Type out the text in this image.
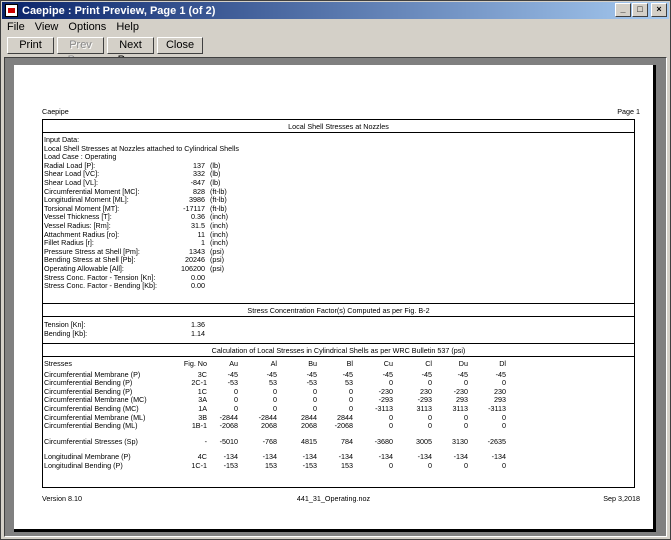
Caepipe : Print Preview, Page 1 (of 2)	_	□	×
File View Options Help
Print	Prev	Next	Close
Caepipe	Page 1
Local Shell Stresses at Nozzles
Input Data:
Local Shell Stresses at Nozzles attached to Cylindrical Shells
Load Case : Operating
Radial Load [P]:	137 (lb)
Shear Load [VC]:	332 (lb)
Shear Load [VL]:	-847 (lb)
Circumferential Moment [MC]:	828 (ft-lb)
Longitudinal Moment [ML]:	3986 (ft-lb)
Torsional Moment [MT]:	-17117 (ft-lb)
Vessel Thickness [T]:	0.36 (inch)
Vessel Radius: [Rm]:	31.5 (inch)
Attachment Radius [ro]:	11 (inch)
Fillet Radius [r]:	1 (inch)
Pressure Stress at Shell [Pm]:	1343 (psi)
Bending Stress at Shell [Pb]:	20246 (psi)
Operating Allowable [All]:	106200 (psi)
Stress Conc. Factor - Tension [Kn]:	0.00
Stress Conc. Factor - Bending [Kb]:	0.00
Stress Concentration Factor(s) Computed as per Fig. B-2
Tension [Kn]:	1.36
Bending [Kb]:	1.14
Calculation of Local Stresses in Cylindrical Shells as per WRC Bulletin 537 (psi)
Stresses	Fig. No	Au	Al	Bu	Bl	Cu	Cl	Du	Dl
Circumferential Membrane (P)	3C	-45	-45	-45	-45	-45	-45	-45	-45
Circumferential Bending (P)	2C-1	-53	53	-53	53	0	0	0	0
Circumferential Bending (P)	1C	0	0	0	0	-230	230	-230	230
Circumferential Membrane (MC)	3A	0	0	0	0	-293	-293	293	293
Circumferential Bending (MC)	1A	0	0	0	0	-3113	3113	3113	-3113
Circumferential Membrane (ML)	3B	-2844	-2844	2844	2844	0	0	0	0
Circumferential Bending (ML)	1B-1	-2068	2068	2068	-2068	0	0	0	0
Circumferential Stresses (Sp)	-	-5010	-768	4815	784	-3680	3005	3130	-2635
Longitudinal Membrane (P)	4C	-134	-134	-134	-134	-134	-134	-134	-134
Longitudinal Bending (P)	1C-1	-153	153	-153	153	0	0	0	0
Version 8.10	441_31_Operating.noz	Sep 3,2018
